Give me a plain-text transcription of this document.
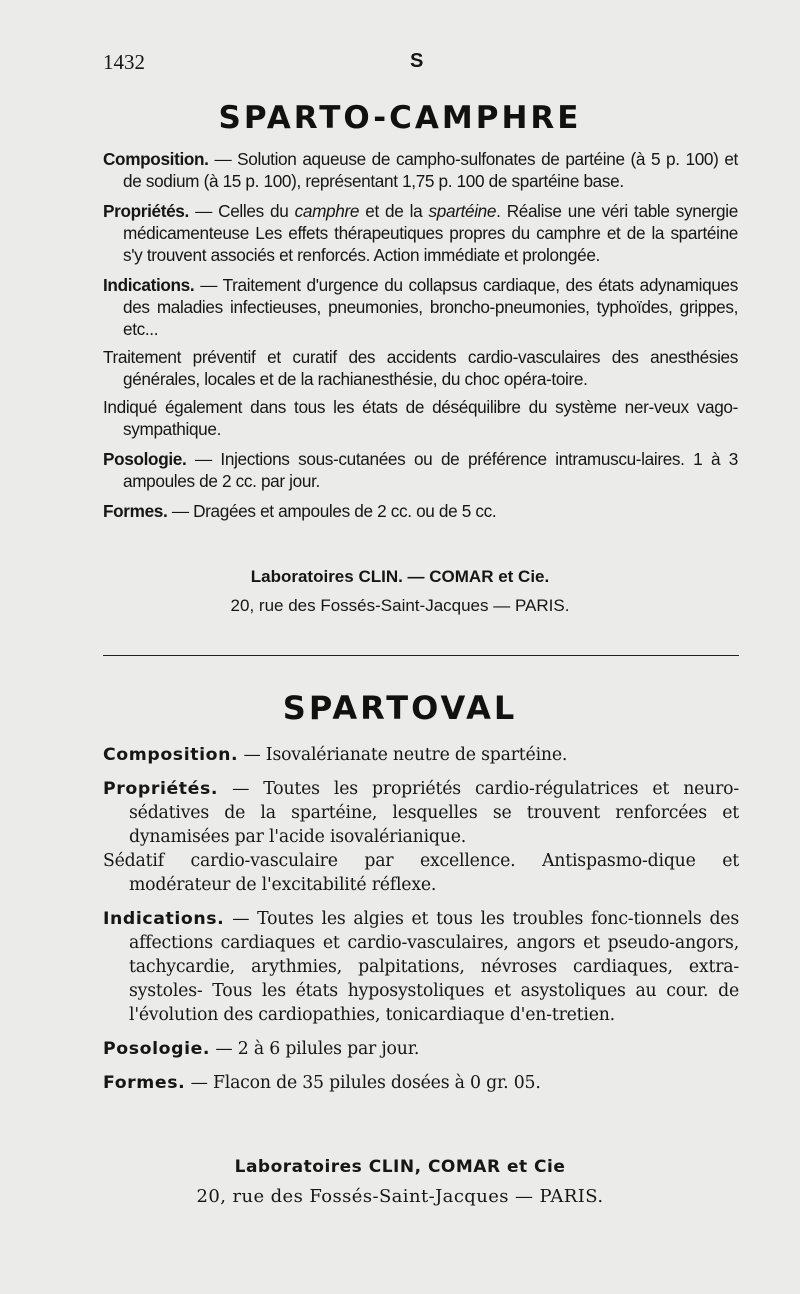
1432	S
SPARTO-CAMPHRE

Composition. — Solution aqueuse de campho-sulfonates de partéine (à 5 p. 100) et de sodium (à 15 p. 100), représentant 1,75 p. 100 de spartéine base.

Propriétés. — Celles du camphre et de la spartéine. Réalise une véri table synergie médicamenteuse Les effets thérapeutiques propres du camphre et de la spartéine s'y trouvent associés et renforcés. Action immédiate et prolongée.

Indications. — Traitement d'urgence du collapsus cardiaque, des états adynamiques des maladies infectieuses, pneumonies, broncho-pneumonies, typhoïdes, grippes, etc...

Traitement préventif et curatif des accidents cardio-vasculaires des anesthésies générales, locales et de la rachianesthésie, du choc opéra-toire.

Indiqué également dans tous les états de déséquilibre du système ner-veux vago-sympathique.

Posologie. — Injections sous-cutanées ou de préférence intramuscu-laires. 1 à 3 ampoules de 2 cc. par jour.

Formes. — Dragées et ampoules de 2 cc. ou de 5 cc.

Laboratoires CLIN. — COMAR et Cie.
20, rue des Fossés-Saint-Jacques — PARIS.
SPARTOVAL

Composition. — Isovalérianate neutre de spartéine.

Propriétés. — Toutes les propriétés cardio-régulatrices et neuro-sédatives de la spartéine, lesquelles se trouvent renforcées et dynamisées par l'acide isovalérianique.

Sédatif cardio-vasculaire par excellence. Antispasmo-dique et modérateur de l'excitabilité réflexe.

Indications. — Toutes les algies et tous les troubles fonc-tionnels des affections cardiaques et cardio-vasculaires, angors et pseudo-angors, tachycardie, arythmies, palpitations, névroses cardiaques, extra-systoles- Tous les états hyposystoliques et asystoliques au cour. de l'évolution des cardiopathies, tonicardiaque d'en-tretien.

Posologie. — 2 à 6 pilules par jour.

Formes. — Flacon de 35 pilules dosées à 0 gr. 05.

Laboratoires CLIN, COMAR et Cie
20, rue des Fossés-Saint-Jacques — PARIS.
